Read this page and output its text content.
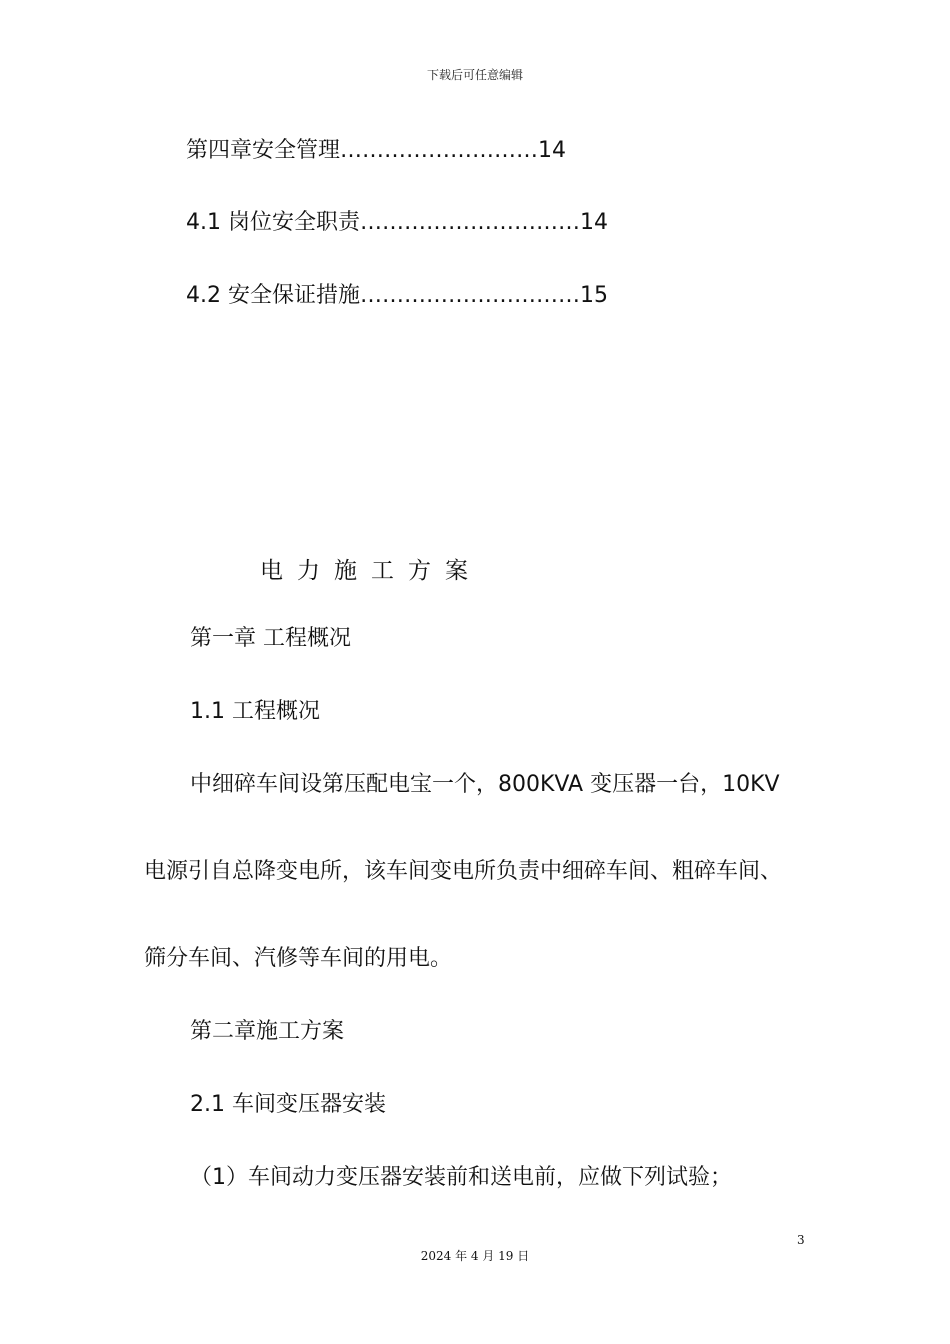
下载后可任意编辑
第四章安全管理………………………14
4.1 岗位安全职责…………………………14
4.2 安全保证措施…………………………15
电力施工方案
第一章 工程概况
1.1 工程概况
中细碎车间设第压配电宝一个，800KVA 变压器一台，10KV
电源引自总降变电所，该车间变电所负责中细碎车间、粗碎车间、
筛分车间、汽修等车间的用电。
第二章施工方案
2.1 车间变压器安装
（1）车间动力变压器安装前和送电前，应做下列试验；
3
2024 年 4 月 19 日
